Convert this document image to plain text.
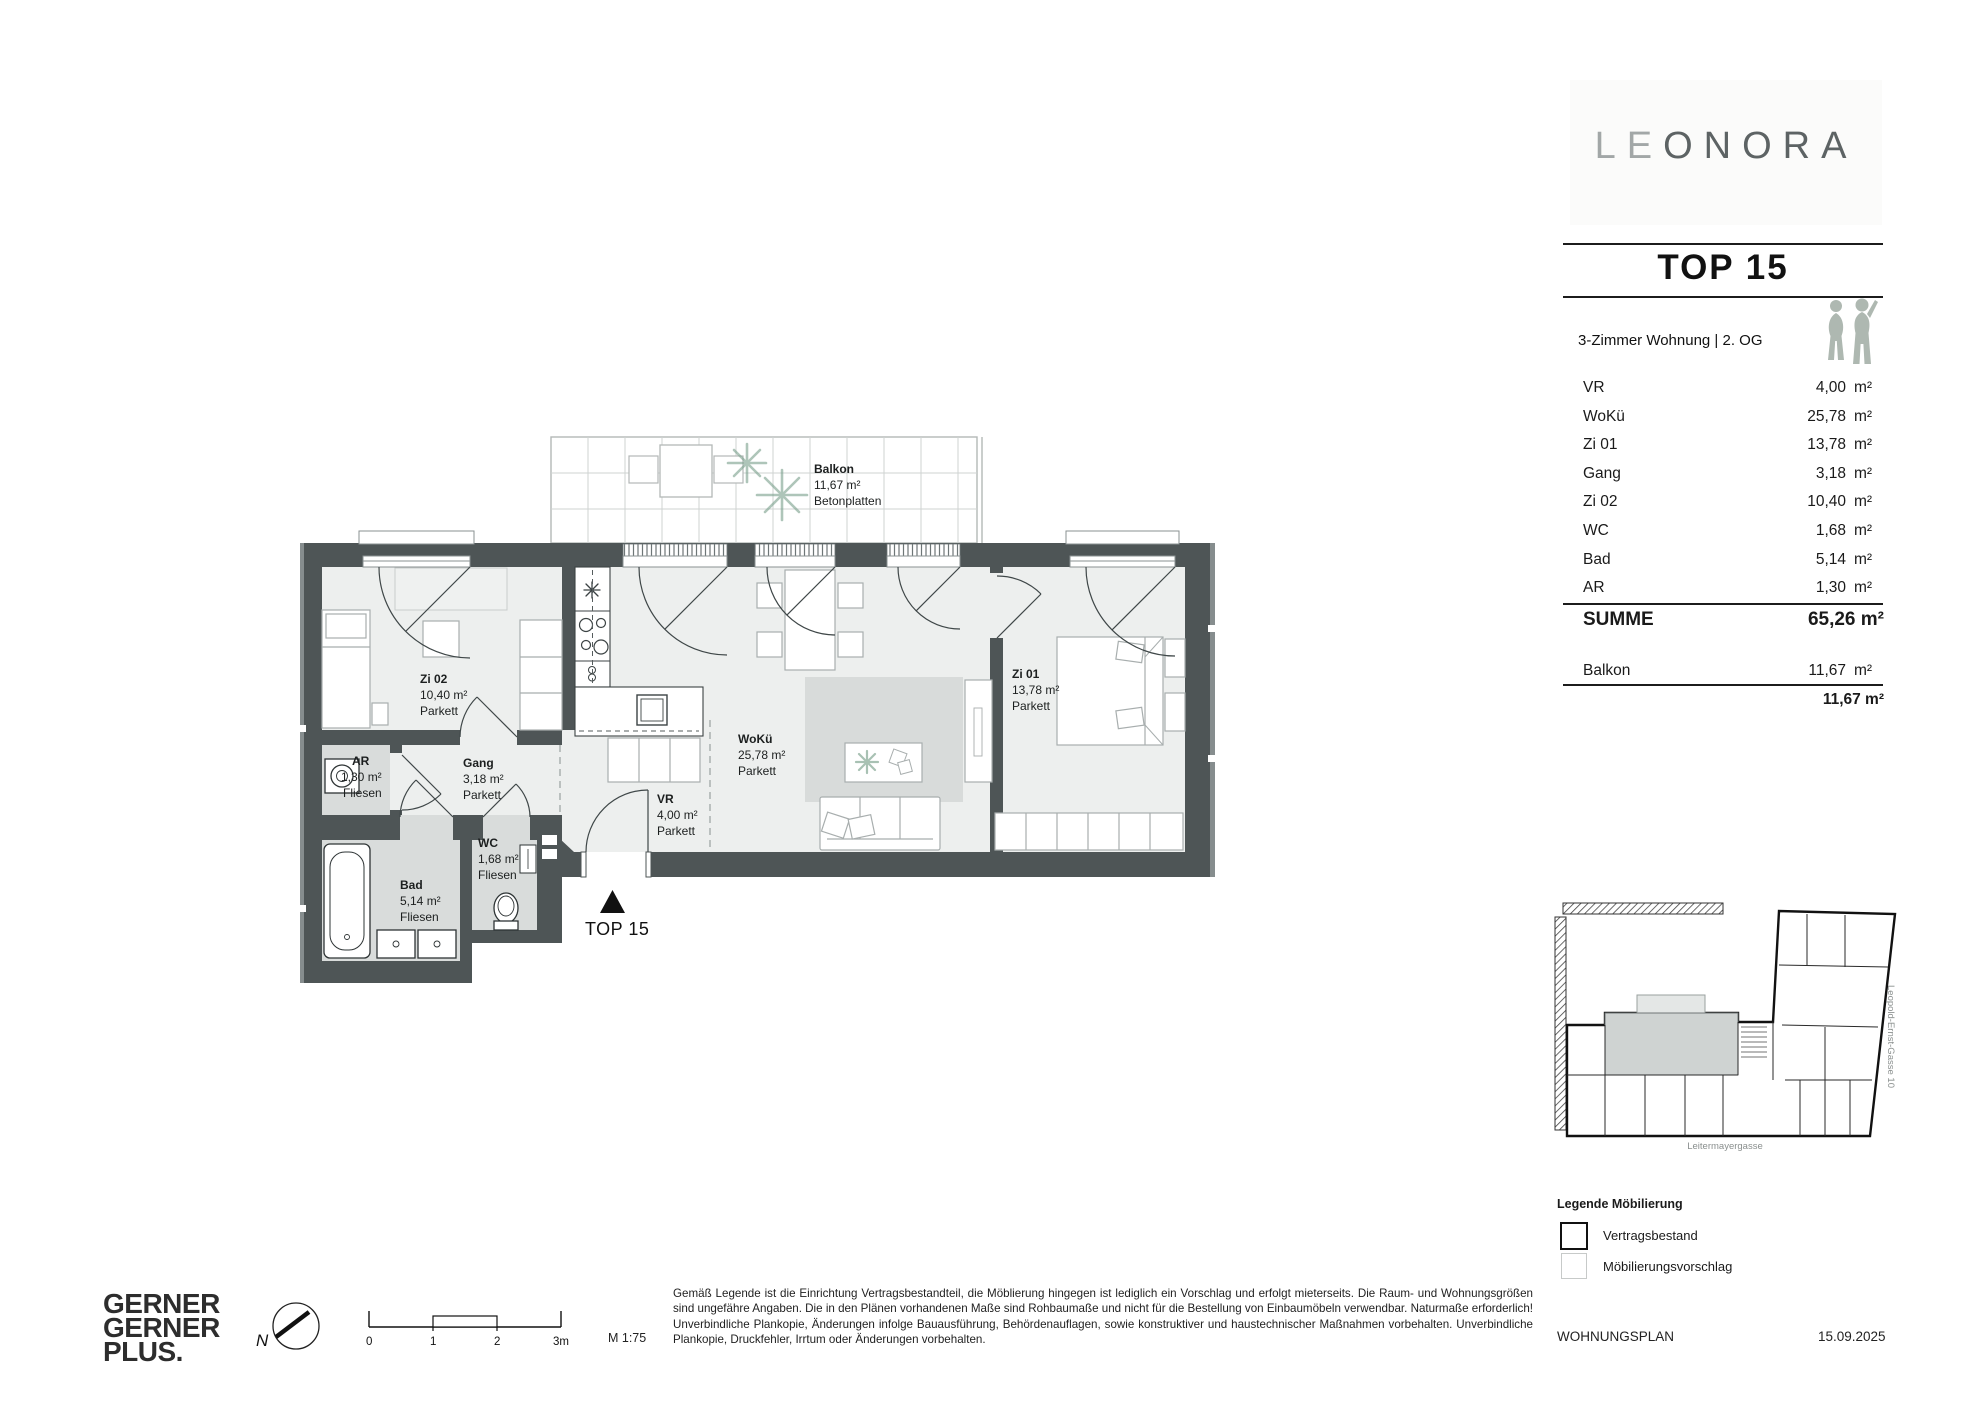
Balkon
11,67 m²
Betonplatten
Zi 02
10,40 m²
Parkett
AR
1,30 m²
Fliesen
Gang
3,18 m²
Parkett
WC
1,68 m²
Fliesen
Bad
5,14 m²
Fliesen
VR
4,00 m²
Parkett
WoKü
25,78 m²
Parkett
Zi 01
13,78 m²
Parkett
TOP 15
LEONORA
TOP 15
3-Zimmer Wohnung | 2. OG
VR	4,00 m²
WoKü	25,78 m²
Zi 01	13,78 m²
Gang	3,18 m²
Zi 02	10,40 m²
WC	1,68 m²
Bad	5,14 m²
AR	1,30 m²
SUMME	65,26 m²
Balkon	11,67 m²
11,67 m²
Leitermayergasse
Leopold-Ernst-Gasse 10
Legende Möbilierung
Vertragsbestand
Möbilierungsvorschlag
WOHNUNGSPLAN	15.09.2025
GERNER
GERNER
PLUS.	N	0	1	2	3m	M 1:75
Gemäß Legende ist die Einrichtung Vertragsbestandteil, die Möblierung hingegen ist lediglich ein Vorschlag und erfolgt mieterseits. Die Raum- und Wohnungsgrößen sind ungefähre Angaben. Die in den Plänen vorhandenen Maße sind Rohbaumaße und nicht für die Bestellung von Einbaumöbeln verwendbar. Naturmaße erforderlich! Unverbindliche Plankopie, Änderungen infolge Bauausführung, Behördenauflagen, sowie konstruktiver und haustechnischer Maßnahmen vorbehalten. Unverbindliche Plankopie, Druckfehler, Irrtum oder Änderungen vorbehalten.
